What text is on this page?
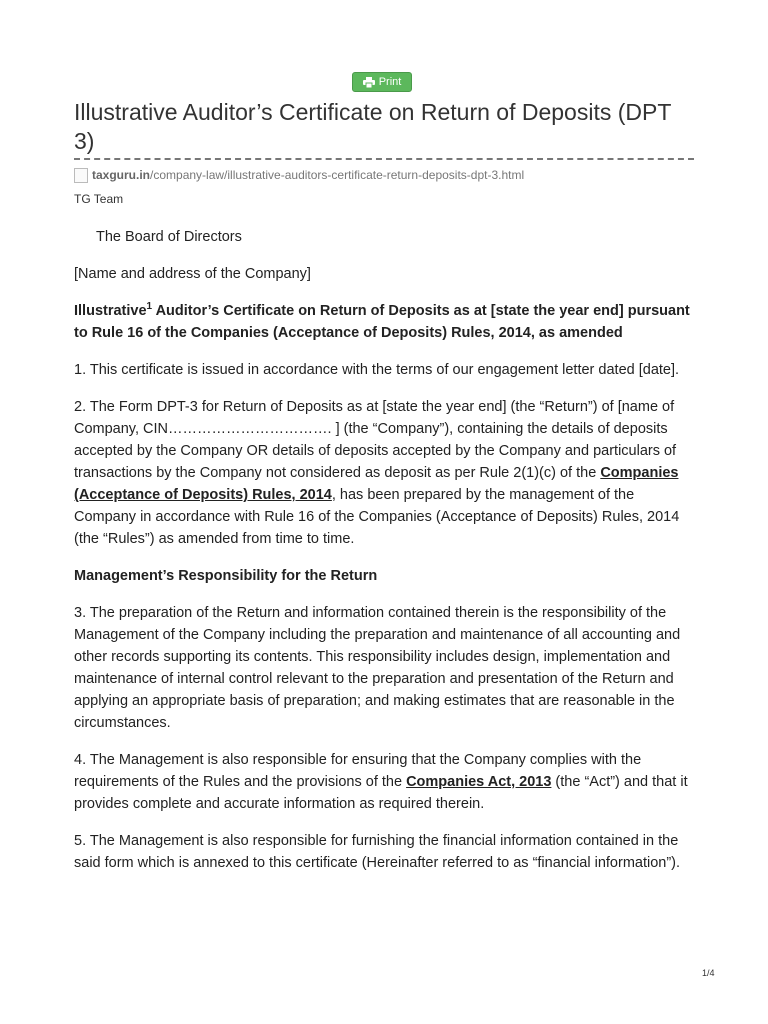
Print
Illustrative Auditor’s Certificate on Return of Deposits (DPT 3)
taxguru.in /company-law/illustrative-auditors-certificate-return-deposits-dpt-3.html
TG Team

The Board of Directors

[Name and address of the Company]

Illustrative$^1$ Auditor’s Certificate on Return of Deposits as at [state the year end] pursuant to Rule 16 of the Companies (Acceptance of Deposits) Rules, 2014, as amended

1. This certificate is issued in accordance with the terms of our engagement letter dated [date].

2. The Form DPT-3 for Return of Deposits as at [state the year end] (the “Return”) of [name of Company, CIN……………………………. ] (the “Company”), containing the details of deposits accepted by the Company OR details of deposits accepted by the Company and particulars of transactions by the Company not considered as deposit as per Rule 2(1)(c) of the Companies (Acceptance of Deposits) Rules, 2014, has been prepared by the management of the Company in accordance with Rule 16 of the Companies (Acceptance of Deposits) Rules, 2014 (the “Rules”) as amended from time to time.

Management’s Responsibility for the Return

3. The preparation of the Return and information contained therein is the responsibility of the Management of the Company including the preparation and maintenance of all accounting and other records supporting its contents. This responsibility includes design, implementation and maintenance of internal control relevant to the preparation and presentation of the Return and applying an appropriate basis of preparation; and making estimates that are reasonable in the circumstances.

4. The Management is also responsible for ensuring that the Company complies with the requirements of the Rules and the provisions of the Companies Act, 2013 (the “Act”) and that it provides complete and accurate information as required therein.

5. The Management is also responsible for furnishing the financial information contained in the said form which is annexed to this certificate (Hereinafter referred to as “financial information”).

1/4
